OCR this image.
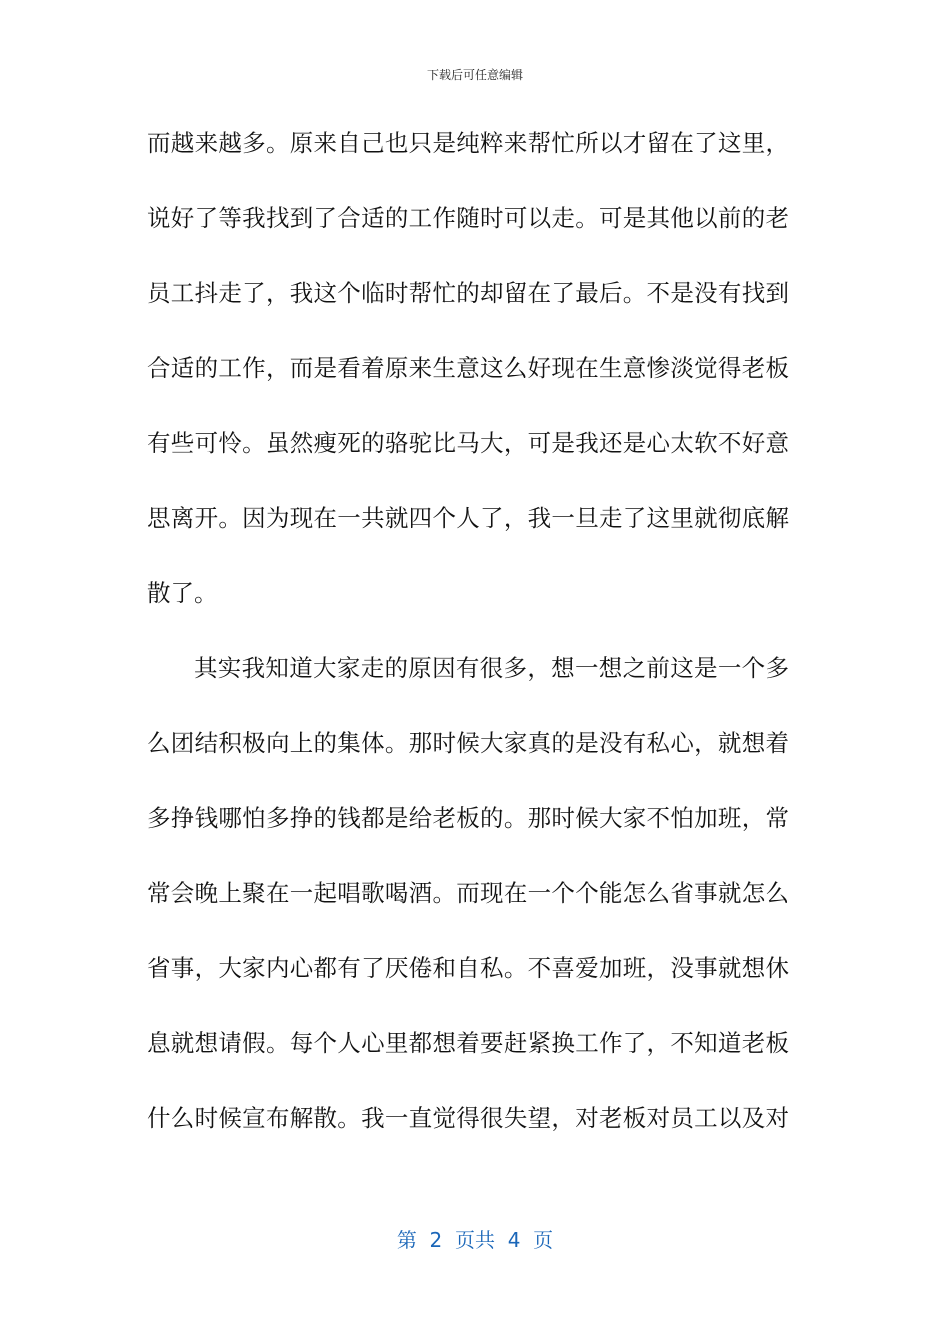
下载后可任意编辑
而越来越多。原来自己也只是纯粹来帮忙所以才留在了这里，
说好了等我找到了合适的工作随时可以走。可是其他以前的老
员工抖走了，我这个临时帮忙的却留在了最后。不是没有找到
合适的工作，而是看着原来生意这么好现在生意惨淡觉得老板
有些可怜。虽然瘦死的骆驼比马大，可是我还是心太软不好意
思离开。因为现在一共就四个人了，我一旦走了这里就彻底解
散了。
其实我知道大家走的原因有很多，想一想之前这是一个多
么团结积极向上的集体。那时候大家真的是没有私心，就想着
多挣钱哪怕多挣的钱都是给老板的。那时候大家不怕加班，常
常会晚上聚在一起唱歌喝酒。而现在一个个能怎么省事就怎么
省事，大家内心都有了厌倦和自私。不喜爱加班，没事就想休
息就想请假。每个人心里都想着要赶紧换工作了，不知道老板
什么时候宣布解散。我一直觉得很失望，对老板对员工以及对
第  2  页共  4  页
